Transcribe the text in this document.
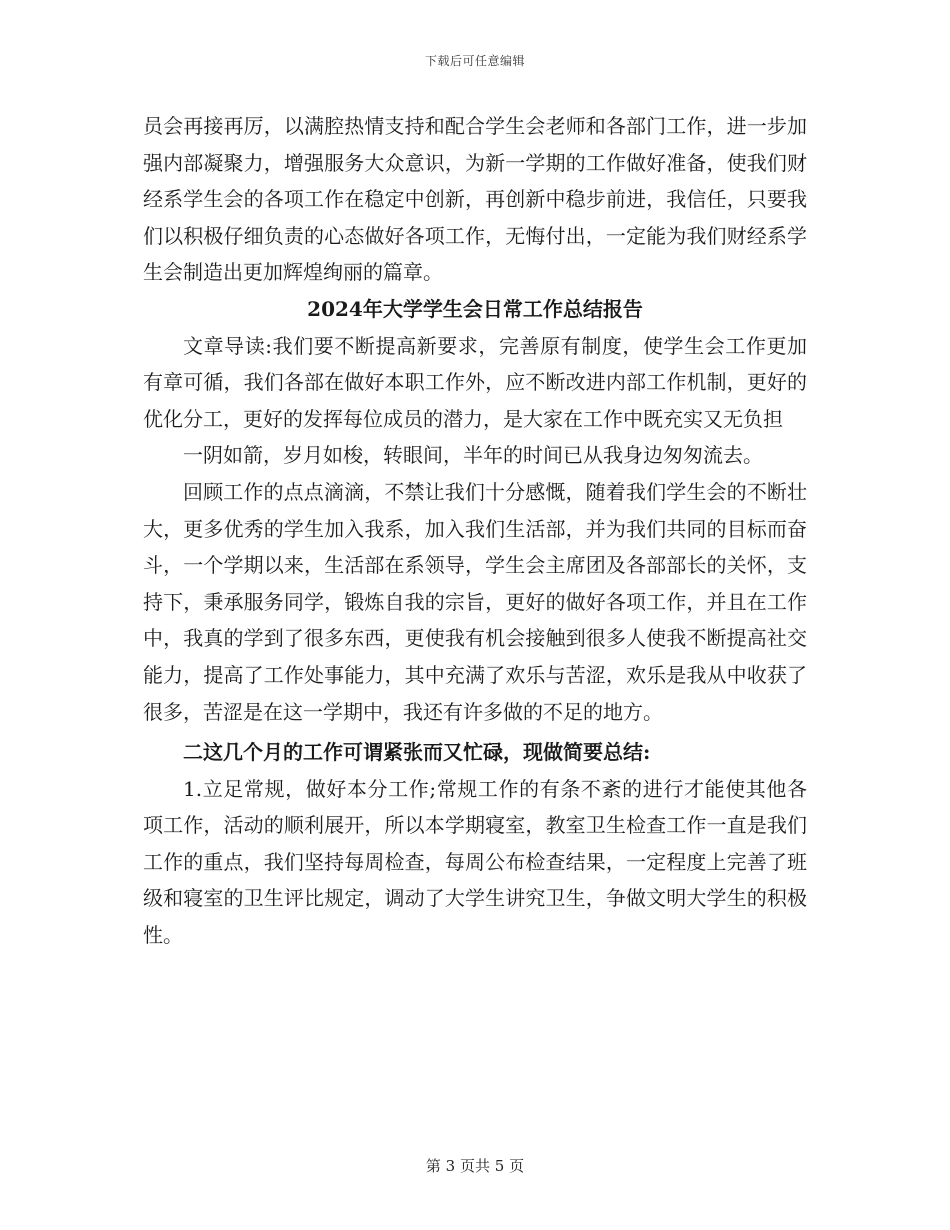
下载后可任意编辑

员会再接再厉，以满腔热情支持和配合学生会老师和各部门工作，进一步加强内部凝聚力，增强服务大众意识，为新一学期的工作做好准备，使我们财经系学生会的各项工作在稳定中创新，再创新中稳步前进，我信任，只要我们以积极仔细负责的心态做好各项工作，无悔付出，一定能为我们财经系学生会制造出更加辉煌绚丽的篇章。

2024年大学学生会日常工作总结报告

文章导读:我们要不断提高新要求，完善原有制度，使学生会工作更加有章可循，我们各部在做好本职工作外，应不断改进内部工作机制，更好的优化分工，更好的发挥每位成员的潜力，是大家在工作中既充实又无负担

一阴如箭，岁月如梭，转眼间，半年的时间已从我身边匆匆流去。

回顾工作的点点滴滴，不禁让我们十分感慨，随着我们学生会的不断壮大，更多优秀的学生加入我系，加入我们生活部，并为我们共同的目标而奋斗，一个学期以来，生活部在系领导，学生会主席团及各部部长的关怀，支持下，秉承服务同学，锻炼自我的宗旨，更好的做好各项工作，并且在工作中，我真的学到了很多东西，更使我有机会接触到很多人使我不断提高社交能力，提高了工作处事能力，其中充满了欢乐与苦涩，欢乐是我从中收获了很多，苦涩是在这一学期中，我还有许多做的不足的地方。

二这几个月的工作可谓紧张而又忙碌，现做简要总结:

1.立足常规，做好本分工作;常规工作的有条不紊的进行才能使其他各项工作，活动的顺利展开，所以本学期寝室，教室卫生检查工作一直是我们工作的重点，我们坚持每周检查，每周公布检查结果，一定程度上完善了班级和寝室的卫生评比规定，调动了大学生讲究卫生，争做文明大学生的积极性。

第 3 页共 5 页
